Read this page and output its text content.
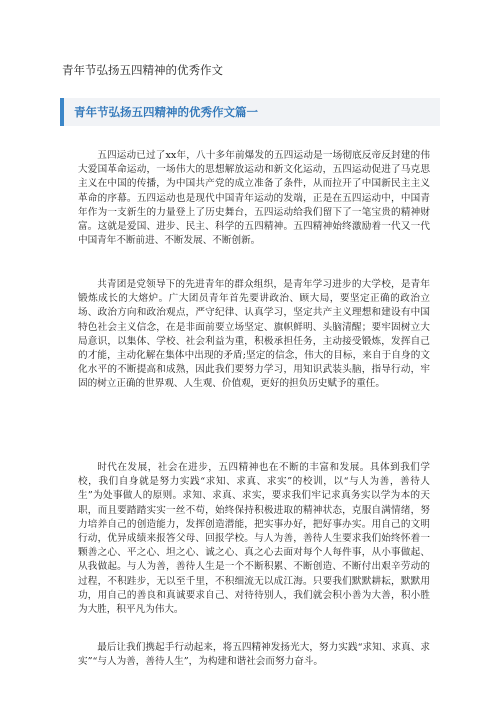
青年节弘扬五四精神的优秀作文
青年节弘扬五四精神的优秀作文篇一

五四运动已过了xx年，八十多年前爆发的五四运动是一场彻底反帝反封建的伟大爱国革命运动，一场伟大的思想解放运动和新文化运动，五四运动促进了马克思主义在中国的传播，为中国共产党的成立准备了条件，从而拉开了中国新民主主义革命的序幕。五四运动也是现代中国青年运动的发端，正是在五四运动中，中国青年作为一支新生的力量登上了历史舞台，五四运动给我们留下了一笔宝贵的精神财富。这就是爱国、进步、民主、科学的五四精神。五四精神始终激励着一代又一代中国青年不断前进、不断发展、不断创新。

共青团是党领导下的先进青年的群众组织，是青年学习进步的大学校，是青年锻炼成长的大熔炉。广大团员青年首先要讲政治、顾大局，要坚定正确的政治立场、政治方向和政治观点，严守纪律、认真学习，坚定共产主义理想和建设有中国特色社会主义信念，在是非面前要立场坚定、旗帜鲜明、头脑清醒；要牢固树立大局意识，以集体、学校、社会利益为重，积极承担任务，主动接受锻炼，发挥自己的才能，主动化解在集体中出现的矛盾;坚定的信念，伟大的目标，来自于自身的文化水平的不断提高和成熟，因此我们要努力学习，用知识武装头脑，指导行动，牢固的树立正确的世界观、人生观、价值观，更好的担负历史赋予的重任。

时代在发展，社会在进步，五四精神也在不断的丰富和发展。具体到我们学校，我们自身就是努力实践“求知、求真、求实”的校训，以“与人为善，善待人生”为处事做人的原则。求知、求真、求实，要求我们牢记求真务实以学为本的天职，而且要踏踏实实一丝不苟，始终保持积极进取的精神状态，克服自满情绪，努力培养自己的创造能力，发挥创造潜能，把实事办好，把好事办实。用自己的文明行动，优异成绩来报答父母、回报学校。与人为善，善待人生要求我们始终怀着一颗善之心、平之心、坦之心、诚之心、真之心去面对每个人每件事，从小事做起、从我做起。与人为善，善待人生是一个不断积累、不断创造、不断付出艰辛劳动的过程，不积跬步，无以至千里，不积细流无以成江海。只要我们默默耕耘，默默用功，用自己的善良和真诚要求自己、对待待别人，我们就会积小善为大善，积小胜为大胜，积平凡为伟大。

最后让我们携起手行动起来，将五四精神发扬光大，努力实践“求知、求真、求实”“与人为善，善待人生”，为构建和谐社会而努力奋斗。
